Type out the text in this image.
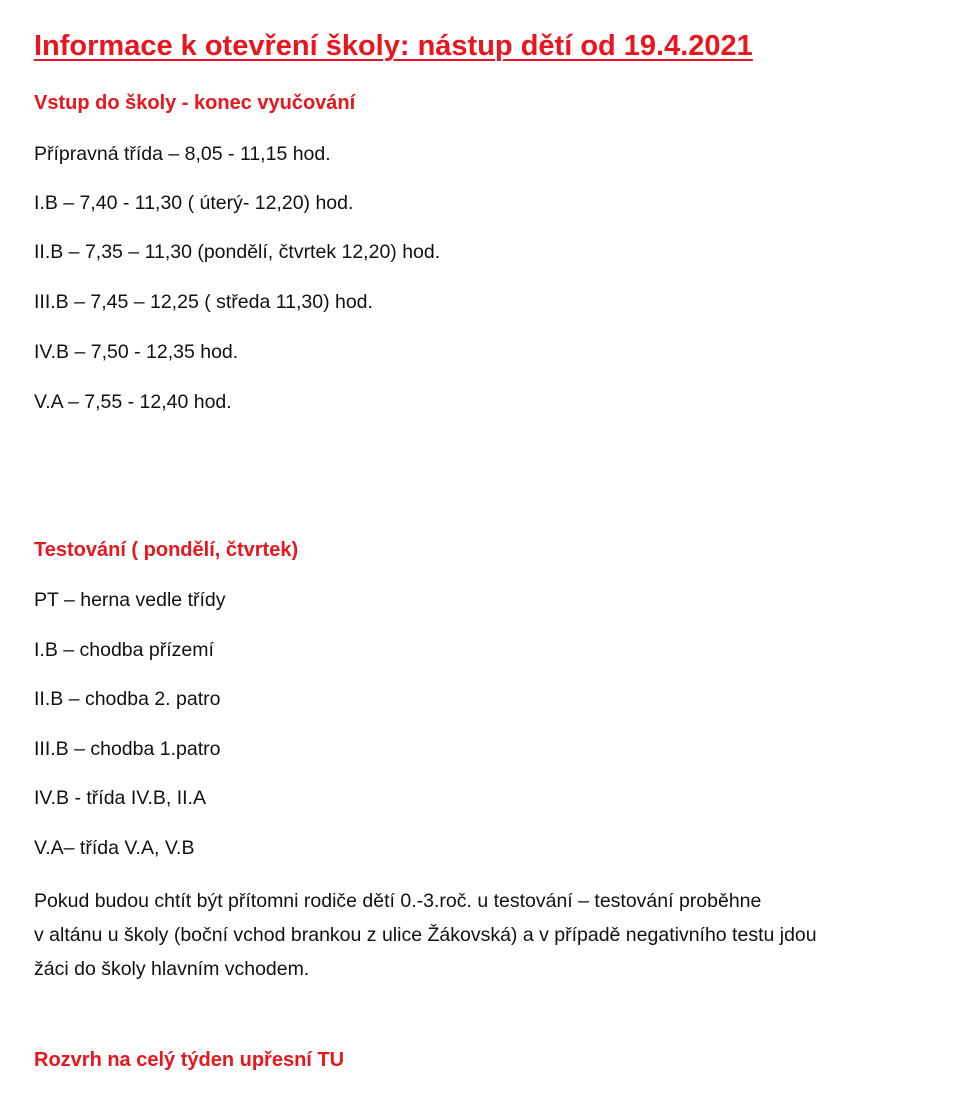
Informace k otevření školy: nástup dětí od 19.4.2021
Vstup do školy - konec vyučování
Přípravná třída – 8,05 - 11,15 hod.
I.B – 7,40 - 11,30 ( úterý- 12,20) hod.
II.B – 7,35 – 11,30 (pondělí, čtvrtek 12,20) hod.
III.B – 7,45 – 12,25 ( středa 11,30) hod.
IV.B – 7,50 - 12,35 hod.
V.A – 7,55 - 12,40 hod.
Testování ( pondělí, čtvrtek)
PT – herna vedle třídy
I.B – chodba přízemí
II.B – chodba 2. patro
III.B – chodba 1.patro
IV.B - třída IV.B, II.A
V.A– třída V.A, V.B

Pokud budou chtít být přítomni rodiče dětí 0.-3.roč. u testování – testování proběhne
v altánu u školy (boční vchod brankou z ulice Žákovská) a v případě negativního testu jdou
žáci do školy hlavním vchodem.

Rozvrh na celý týden upřesní TU
